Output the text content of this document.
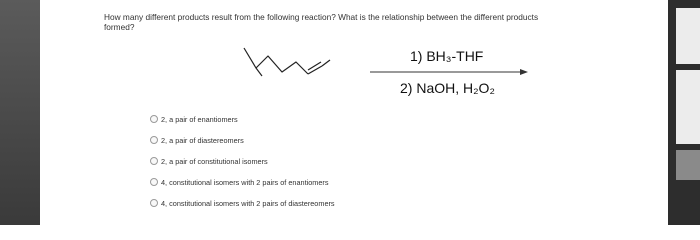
How many different products result from the following reaction? What is the relationship between the different products
formed?
1) BH₃-THF
2) NaOH, H₂O₂
2, a pair of enantiomers
2, a pair of diastereomers
2, a pair of constitutional isomers
4, constitutional isomers with 2 pairs of enantiomers
4, constitutional isomers with 2 pairs of diastereomers
